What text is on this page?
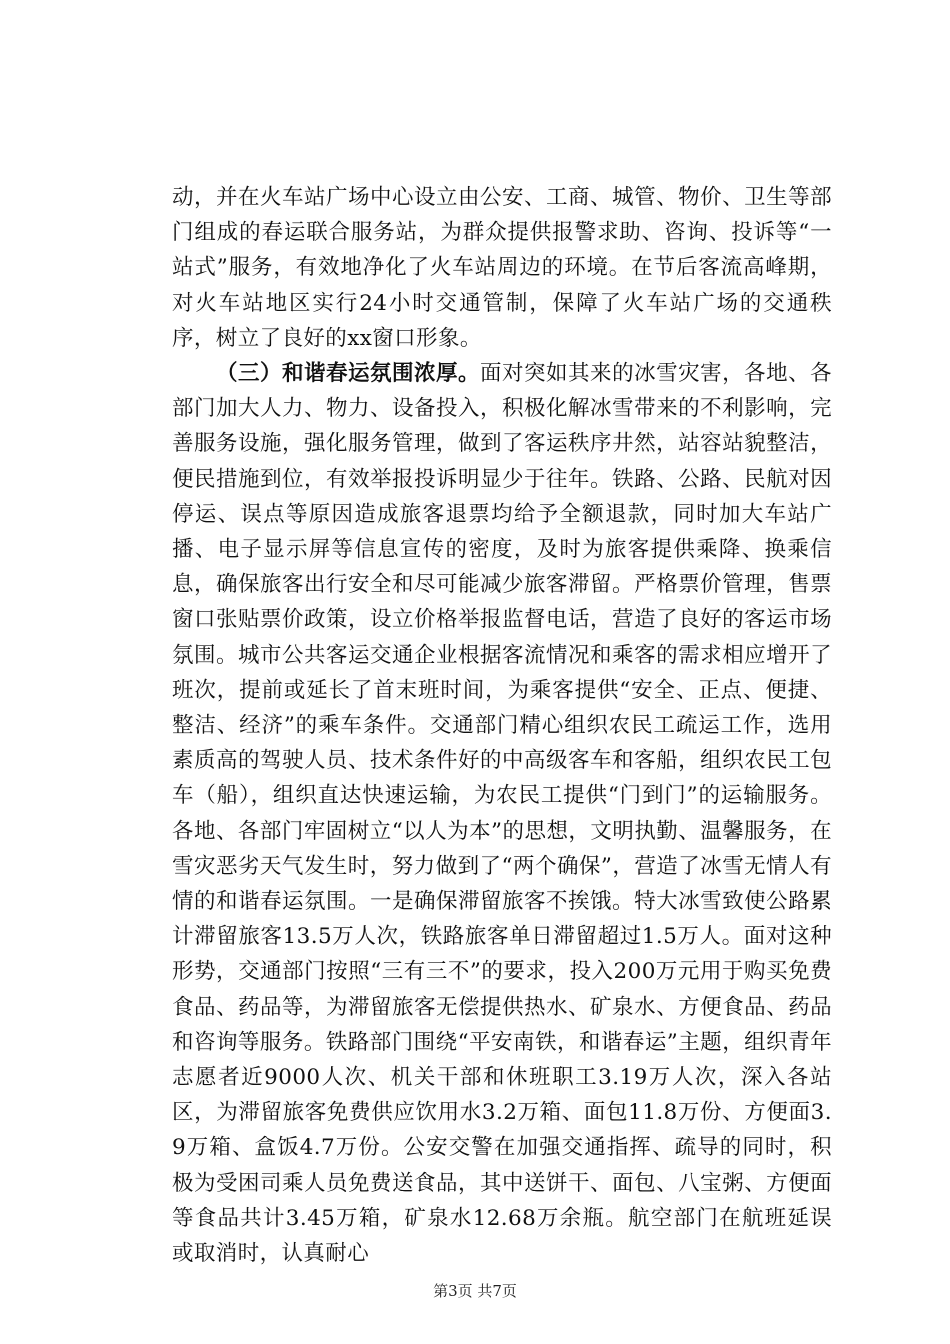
动，并在火车站广场中心设立由公安、工商、城管、物价、卫生等部门组成的春运联合服务站，为群众提供报警求助、咨询、投诉等“一站式”服务，有效地净化了火车站周边的环境。在节后客流高峰期，对火车站地区实行24小时交通管制，保障了火车站广场的交通秩序，树立了良好的xx窗口形象。

（三）和谐春运氛围浓厚。面对突如其来的冰雪灾害，各地、各部门加大人力、物力、设备投入，积极化解冰雪带来的不利影响，完善服务设施，强化服务管理，做到了客运秩序井然，站容站貌整洁，便民措施到位，有效举报投诉明显少于往年。铁路、公路、民航对因停运、误点等原因造成旅客退票均给予全额退款，同时加大车站广播、电子显示屏等信息宣传的密度，及时为旅客提供乘降、换乘信息，确保旅客出行安全和尽可能减少旅客滞留。严格票价管理，售票窗口张贴票价政策，设立价格举报监督电话，营造了良好的客运市场氛围。城市公共客运交通企业根据客流情况和乘客的需求相应增开了班次，提前或延长了首末班时间，为乘客提供“安全、正点、便捷、整洁、经济”的乘车条件。交通部门精心组织农民工疏运工作，选用素质高的驾驶人员、技术条件好的中高级客车和客船，组织农民工包车（船），组织直达快速运输，为农民工提供“门到门”的运输服务。各地、各部门牢固树立“以人为本”的思想，文明执勤、温馨服务，在雪灾恶劣天气发生时，努力做到了“两个确保”，营造了冰雪无情人有情的和谐春运氛围。一是确保滞留旅客不挨饿。特大冰雪致使公路累计滞留旅客13.5万人次，铁路旅客单日滞留超过1.5万人。面对这种形势，交通部门按照“三有三不”的要求，投入200万元用于购买免费食品、药品等，为滞留旅客无偿提供热水、矿泉水、方便食品、药品和咨询等服务。铁路部门围绕“平安南铁，和谐春运”主题，组织青年志愿者近9000人次、机关干部和休班职工3.19万人次，深入各站区，为滞留旅客免费供应饮用水3.2万箱、面包11.8万份、方便面3.9万箱、盒饭4.7万份。公安交警在加强交通指挥、疏导的同时，积极为受困司乘人员免费送食品，其中送饼干、面包、八宝粥、方便面等食品共计3.45万箱，矿泉水12.68万余瓶。航空部门在航班延误或取消时，认真耐心

第3页 共7页
